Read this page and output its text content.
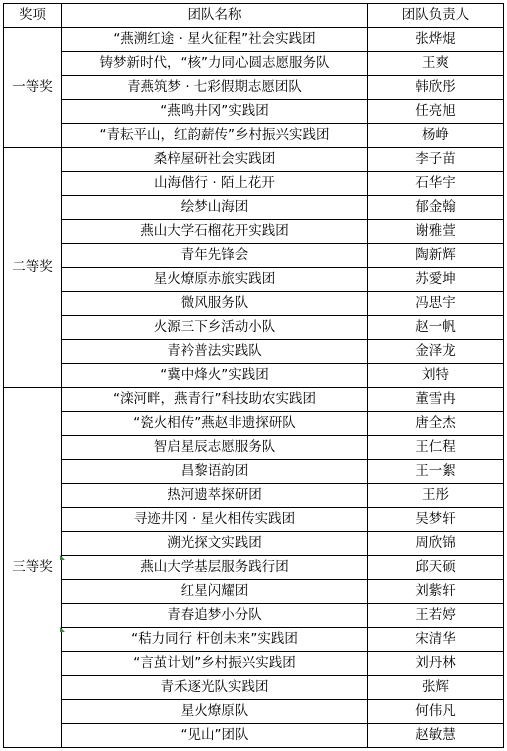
奖项	团队名称	团队负责人
一等奖	“燕溯红途 · 星火征程”社会实践团	张烨焜
	铸梦新时代，“核”力同心圆志愿服务队	王爽
	青燕筑梦 · 七彩假期志愿团队	韩欣彤
	“燕鸣井冈”实践团	任亮旭
	“青耘平山，红韵薪传”乡村振兴实践团	杨峥
二等奖	桑梓屋研社会实践团	李子苗
	山海偕行 · 陌上花开	石华宇
	绘梦山海团	郁金翰
	燕山大学石榴花开实践团	谢雅萱
	青年先锋会	陶新辉
	星火燎原赤旅实践团	苏愛坤
	微风服务队	冯思宇
	火源三下乡活动小队	赵一帆
	青衿普法实践队	金泽龙
	“冀中烽火”实践团	刘特
三等奖	“滦河畔，燕青行”科技助农实践团	董雪冉
	“瓷火相传”燕赵非遗探研队	唐全杰
	智启星辰志愿服务队	王仁程
	昌黎语韵团	王一絮
	热河遗萃探研团	王彤
	寻迹井冈 · 星火相传实践团	吴梦轩
	溯光探文实践团	周欣锦
	燕山大学基层服务践行团	邱天硕
	红星闪耀团	刘紫轩
	青春追梦小分队	王若婷
	“秸力同行 杆创未来”实践团	宋清华
	“言茧计划”乡村振兴实践团	刘丹林
	青禾逐光队实践团	张辉
	星火燎原队	何伟凡
	“见山”团队	赵敏慧
